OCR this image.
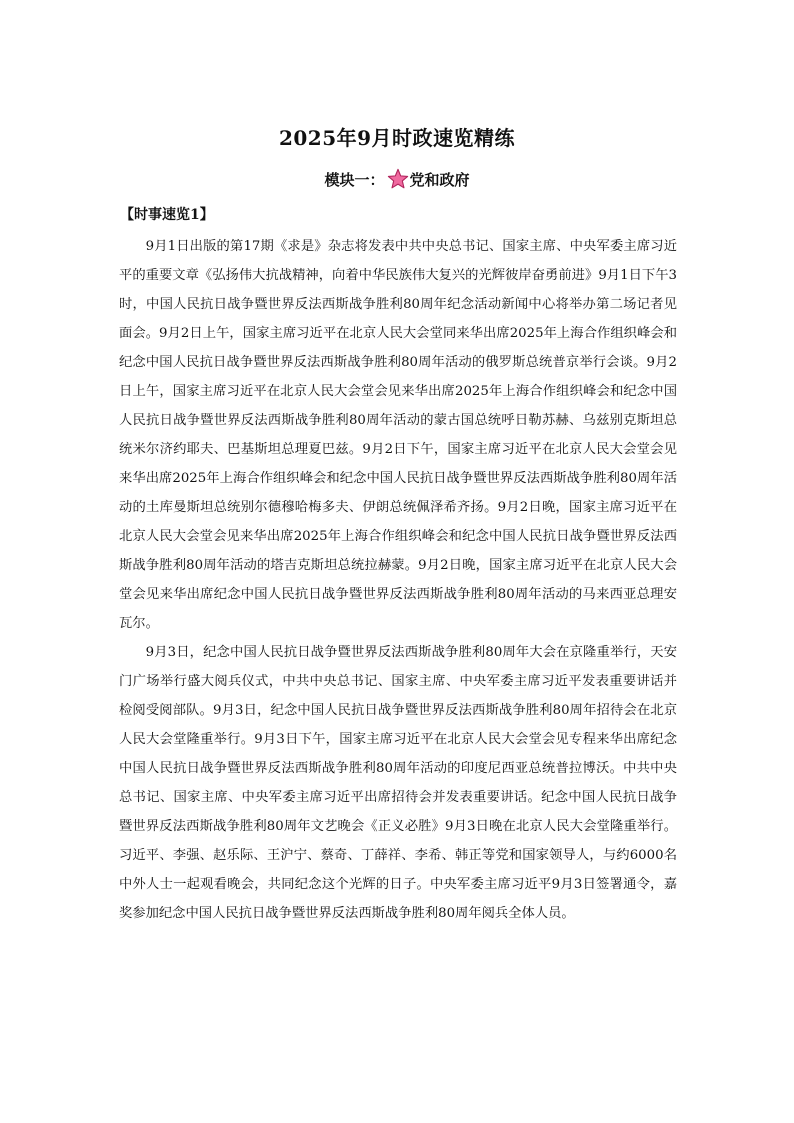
2025年9月时政速览精练
模块一： 党和政府
【时事速览1】

9月1日出版的第17期《求是》杂志将发表中共中央总书记、国家主席、中央军委主席习近平的重要文章《弘扬伟大抗战精神，向着中华民族伟大复兴的光辉彼岸奋勇前进》9月1日下午3时，中国人民抗日战争暨世界反法西斯战争胜利80周年纪念活动新闻中心将举办第二场记者见面会。9月2日上午，国家主席习近平在北京人民大会堂同来华出席2025年上海合作组织峰会和纪念中国人民抗日战争暨世界反法西斯战争胜利80周年活动的俄罗斯总统普京举行会谈。9月2日上午，国家主席习近平在北京人民大会堂会见来华出席2025年上海合作组织峰会和纪念中国人民抗日战争暨世界反法西斯战争胜利80周年活动的蒙古国总统呼日勒苏赫、乌兹别克斯坦总统米尔济约耶夫、巴基斯坦总理夏巴兹。9月2日下午，国家主席习近平在北京人民大会堂会见来华出席2025年上海合作组织峰会和纪念中国人民抗日战争暨世界反法西斯战争胜利80周年活动的土库曼斯坦总统别尔德穆哈梅多夫、伊朗总统佩泽希齐扬。9月2日晚，国家主席习近平在北京人民大会堂会见来华出席2025年上海合作组织峰会和纪念中国人民抗日战争暨世界反法西斯战争胜利80周年活动的塔吉克斯坦总统拉赫蒙。9月2日晚，国家主席习近平在北京人民大会堂会见来华出席纪念中国人民抗日战争暨世界反法西斯战争胜利80周年活动的马来西亚总理安瓦尔。

9月3日，纪念中国人民抗日战争暨世界反法西斯战争胜利80周年大会在京隆重举行，天安门广场举行盛大阅兵仪式，中共中央总书记、国家主席、中央军委主席习近平发表重要讲话并检阅受阅部队。9月3日，纪念中国人民抗日战争暨世界反法西斯战争胜利80周年招待会在北京人民大会堂隆重举行。9月3日下午，国家主席习近平在北京人民大会堂会见专程来华出席纪念中国人民抗日战争暨世界反法西斯战争胜利80周年活动的印度尼西亚总统普拉博沃。中共中央总书记、国家主席、中央军委主席习近平出席招待会并发表重要讲话。纪念中国人民抗日战争暨世界反法西斯战争胜利80周年文艺晚会《正义必胜》9月3日晚在北京人民大会堂隆重举行。习近平、李强、赵乐际、王沪宁、蔡奇、丁薛祥、李希、韩正等党和国家领导人，与约6000名中外人士一起观看晚会，共同纪念这个光辉的日子。中央军委主席习近平9月3日签署通令，嘉奖参加纪念中国人民抗日战争暨世界反法西斯战争胜利80周年阅兵全体人员。
